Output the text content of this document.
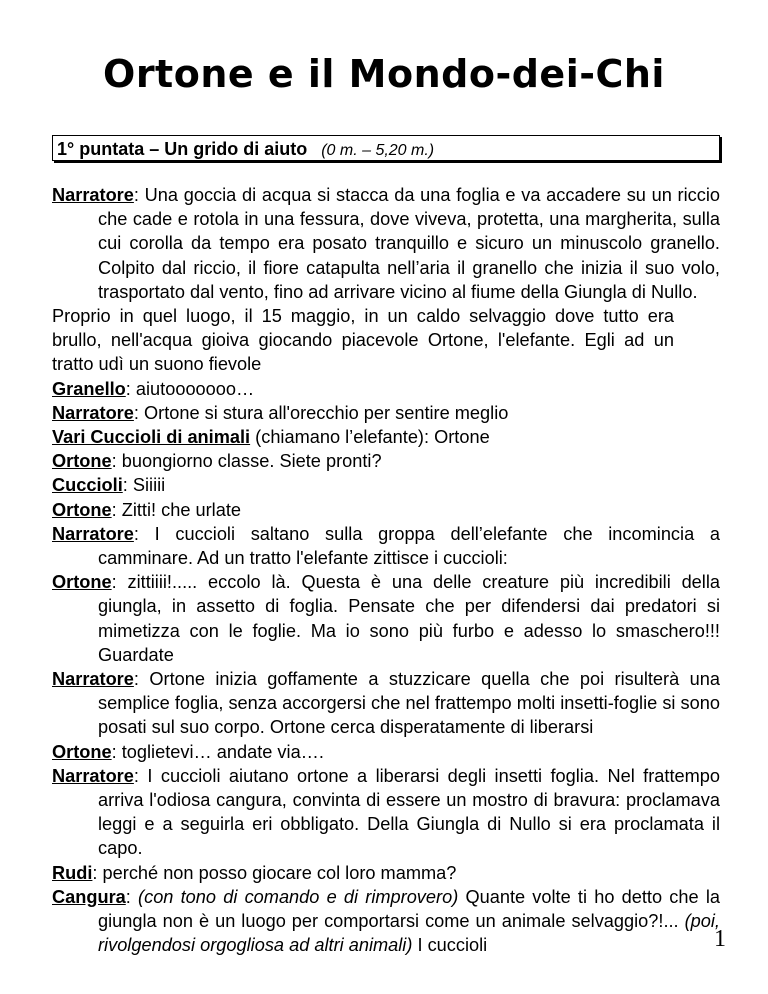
Ortone e il Mondo-dei-Chi
1° puntata – Un grido di aiuto (0 m. – 5,20 m.)

Narratore: Una goccia di acqua si stacca da una foglia e va accadere su un riccio che cade e rotola in una fessura, dove viveva, protetta, una margherita, sulla cui corolla da tempo era posato tranquillo e sicuro un minuscolo granello. Colpito dal riccio, il fiore catapulta nell’aria il granello che inizia il suo volo, trasportato dal vento, fino ad arrivare vicino al fiume della Giungla di Nullo.

Proprio in quel luogo, il 15 maggio, in un caldo selvaggio dove tutto era brullo, nell'acqua gioiva giocando piacevole Ortone, l'elefante. Egli ad un tratto udì un suono fievole

Granello: aiutooooooo…

Narratore: Ortone si stura all'orecchio per sentire meglio

Vari Cuccioli di animali (chiamano l’elefante): Ortone

Ortone: buongiorno classe. Siete pronti?

Cuccioli: Siiiii

Ortone: Zitti! che urlate

Narratore: I cuccioli saltano sulla groppa dell’elefante che incomincia a camminare. Ad un tratto l'elefante zittisce i cuccioli:

Ortone: zittiiii!..... eccolo là. Questa è una delle creature più incredibili della giungla, in assetto di foglia. Pensate che per difendersi dai predatori si mimetizza con le foglie. Ma io sono più furbo e adesso lo smaschero!!! Guardate

Narratore: Ortone inizia goffamente a stuzzicare quella che poi risulterà una semplice foglia, senza accorgersi che nel frattempo molti insetti-foglie si sono posati sul suo corpo. Ortone cerca disperatamente di liberarsi

Ortone: toglietevi… andate via….

Narratore: I cuccioli aiutano ortone a liberarsi degli insetti foglia. Nel frattempo arriva l'odiosa cangura, convinta di essere un mostro di bravura: proclamava leggi e a seguirla eri obbligato. Della Giungla di Nullo si era proclamata il capo.

Rudi: perché non posso giocare col loro mamma?

Cangura: (con tono di comando e di rimprovero) Quante volte ti ho detto che la giungla non è un luogo per comportarsi come un animale selvaggio?!... (poi, rivolgendosi orgogliosa ad altri animali) I cuccioli	1
